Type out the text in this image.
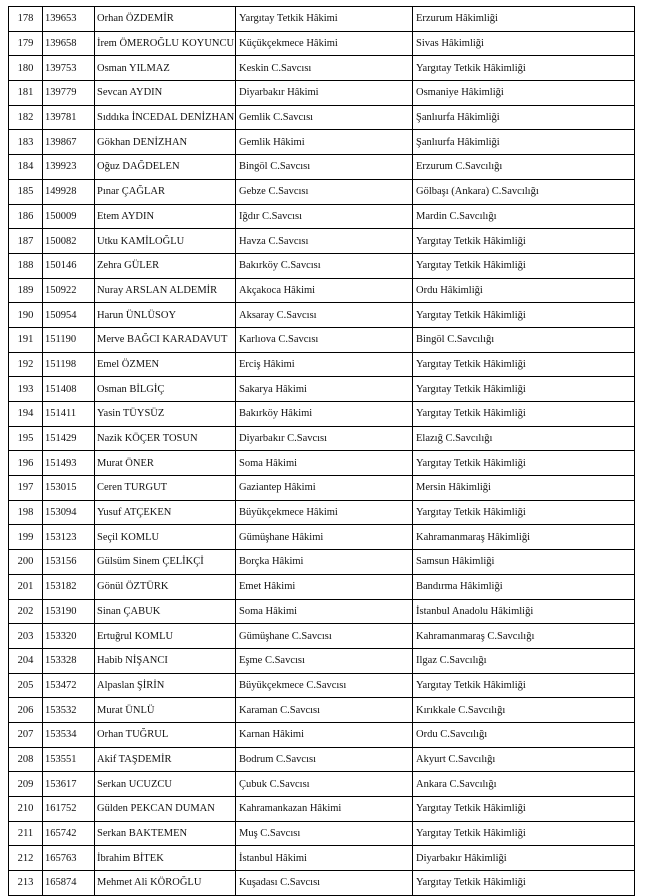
178	139653	Orhan ÖZDEMİR	Yargıtay Tetkik Hâkimi	Erzurum Hâkimliği
179	139658	İrem ÖMEROĞLU KOYUNCU	Küçükçekmece Hâkimi	Sivas Hâkimliği
180	139753	Osman YILMAZ	Keskin C.Savcısı	Yargıtay Tetkik Hâkimliği
181	139779	Sevcan AYDIN	Diyarbakır Hâkimi	Osmaniye Hâkimliği
182	139781	Sıddıka İNCEDAL DENİZHAN	Gemlik C.Savcısı	Şanlıurfa Hâkimliği
183	139867	Gökhan DENİZHAN	Gemlik Hâkimi	Şanlıurfa Hâkimliği
184	139923	Oğuz DAĞDELEN	Bingöl C.Savcısı	Erzurum C.Savcılığı
185	149928	Pınar ÇAĞLAR	Gebze C.Savcısı	Gölbaşı (Ankara) C.Savcılığı
186	150009	Etem AYDIN	Iğdır C.Savcısı	Mardin C.Savcılığı
187	150082	Utku KAMİLOĞLU	Havza C.Savcısı	Yargıtay Tetkik Hâkimliği
188	150146	Zehra GÜLER	Bakırköy C.Savcısı	Yargıtay Tetkik Hâkimliği
189	150922	Nuray ARSLAN ALDEMİR	Akçakoca Hâkimi	Ordu Hâkimliği
190	150954	Harun ÜNLÜSOY	Aksaray C.Savcısı	Yargıtay Tetkik Hâkimliği
191	151190	Merve BAĞCI KARADAVUT	Karlıova C.Savcısı	Bingöl C.Savcılığı
192	151198	Emel ÖZMEN	Erciş Hâkimi	Yargıtay Tetkik Hâkimliği
193	151408	Osman BİLGİÇ	Sakarya Hâkimi	Yargıtay Tetkik Hâkimliği
194	151411	Yasin TÜYSÜZ	Bakırköy Hâkimi	Yargıtay Tetkik Hâkimliği
195	151429	Nazik KÖÇER TOSUN	Diyarbakır C.Savcısı	Elazığ C.Savcılığı
196	151493	Murat ÖNER	Soma Hâkimi	Yargıtay Tetkik Hâkimliği
197	153015	Ceren TURGUT	Gaziantep Hâkimi	Mersin Hâkimliği
198	153094	Yusuf ATÇEKEN	Büyükçekmece Hâkimi	Yargıtay Tetkik Hâkimliği
199	153123	Seçil KOMLU	Gümüşhane Hâkimi	Kahramanmaraş Hâkimliği
200	153156	Gülsüm Sinem ÇELİKÇİ	Borçka Hâkimi	Samsun Hâkimliği
201	153182	Gönül ÖZTÜRK	Emet Hâkimi	Bandırma Hâkimliği
202	153190	Sinan ÇABUK	Soma Hâkimi	İstanbul Anadolu Hâkimliği
203	153320	Ertuğrul KOMLU	Gümüşhane C.Savcısı	Kahramanmaraş C.Savcılığı
204	153328	Habib NİŞANCI	Eşme C.Savcısı	Ilgaz C.Savcılığı
205	153472	Alpaslan ŞİRİN	Büyükçekmece C.Savcısı	Yargıtay Tetkik Hâkimliği
206	153532	Murat ÜNLÜ	Karaman C.Savcısı	Kırıkkale C.Savcılığı
207	153534	Orhan TUĞRUL	Karnan Hâkimi	Ordu C.Savcılığı
208	153551	Akif TAŞDEMİR	Bodrum C.Savcısı	Akyurt C.Savcılığı
209	153617	Serkan UCUZCU	Çubuk C.Savcısı	Ankara C.Savcılığı
210	161752	Gülden PEKCAN DUMAN	Kahramankazan Hâkimi	Yargıtay Tetkik Hâkimliği
211	165742	Serkan BAKTEMEN	Muş C.Savcısı	Yargıtay Tetkik Hâkimliği
212	165763	İbrahim BİTEK	İstanbul Hâkimi	Diyarbakır Hâkimliği
213	165874	Mehmet Ali KÖROĞLU	Kuşadası C.Savcısı	Yargıtay Tetkik Hâkimliği
